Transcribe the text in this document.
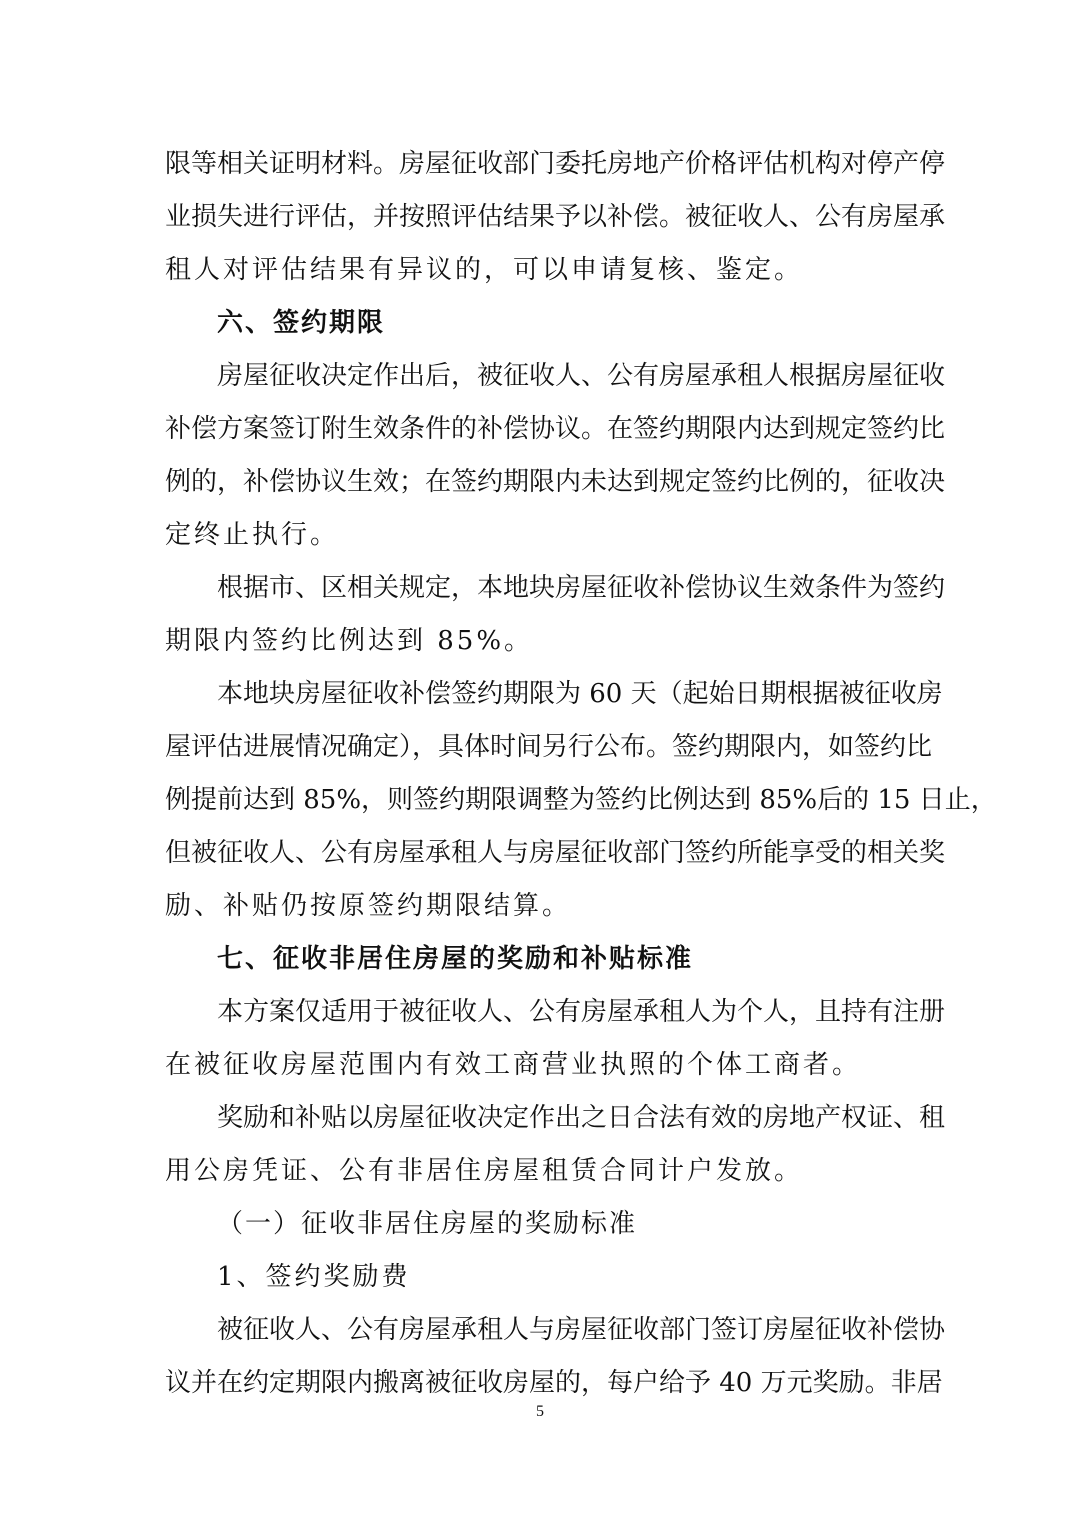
限等相关证明材料。房屋征收部门委托房地产价格评估机构对停产停
业损失进行评估，并按照评估结果予以补偿。被征收人、公有房屋承
租人对评估结果有异议的，可以申请复核、鉴定。
六、签约期限
房屋征收决定作出后，被征收人、公有房屋承租人根据房屋征收
补偿方案签订附生效条件的补偿协议。在签约期限内达到规定签约比
例的，补偿协议生效；在签约期限内未达到规定签约比例的，征收决
定终止执行。
根据市、区相关规定，本地块房屋征收补偿协议生效条件为签约
期限内签约比例达到 85%。
本地块房屋征收补偿签约期限为 60 天（起始日期根据被征收房
屋评估进展情况确定），具体时间另行公布。签约期限内，如签约比
例提前达到 85%，则签约期限调整为签约比例达到 85%后的 15 日止，
但被征收人、公有房屋承租人与房屋征收部门签约所能享受的相关奖
励、补贴仍按原签约期限结算。
七、征收非居住房屋的奖励和补贴标准
本方案仅适用于被征收人、公有房屋承租人为个人，且持有注册
在被征收房屋范围内有效工商营业执照的个体工商者。
奖励和补贴以房屋征收决定作出之日合法有效的房地产权证、租
用公房凭证、公有非居住房屋租赁合同计户发放。
（一）征收非居住房屋的奖励标准
1、签约奖励费
被征收人、公有房屋承租人与房屋征收部门签订房屋征收补偿协
议并在约定期限内搬离被征收房屋的，每户给予 40 万元奖励。非居
5
